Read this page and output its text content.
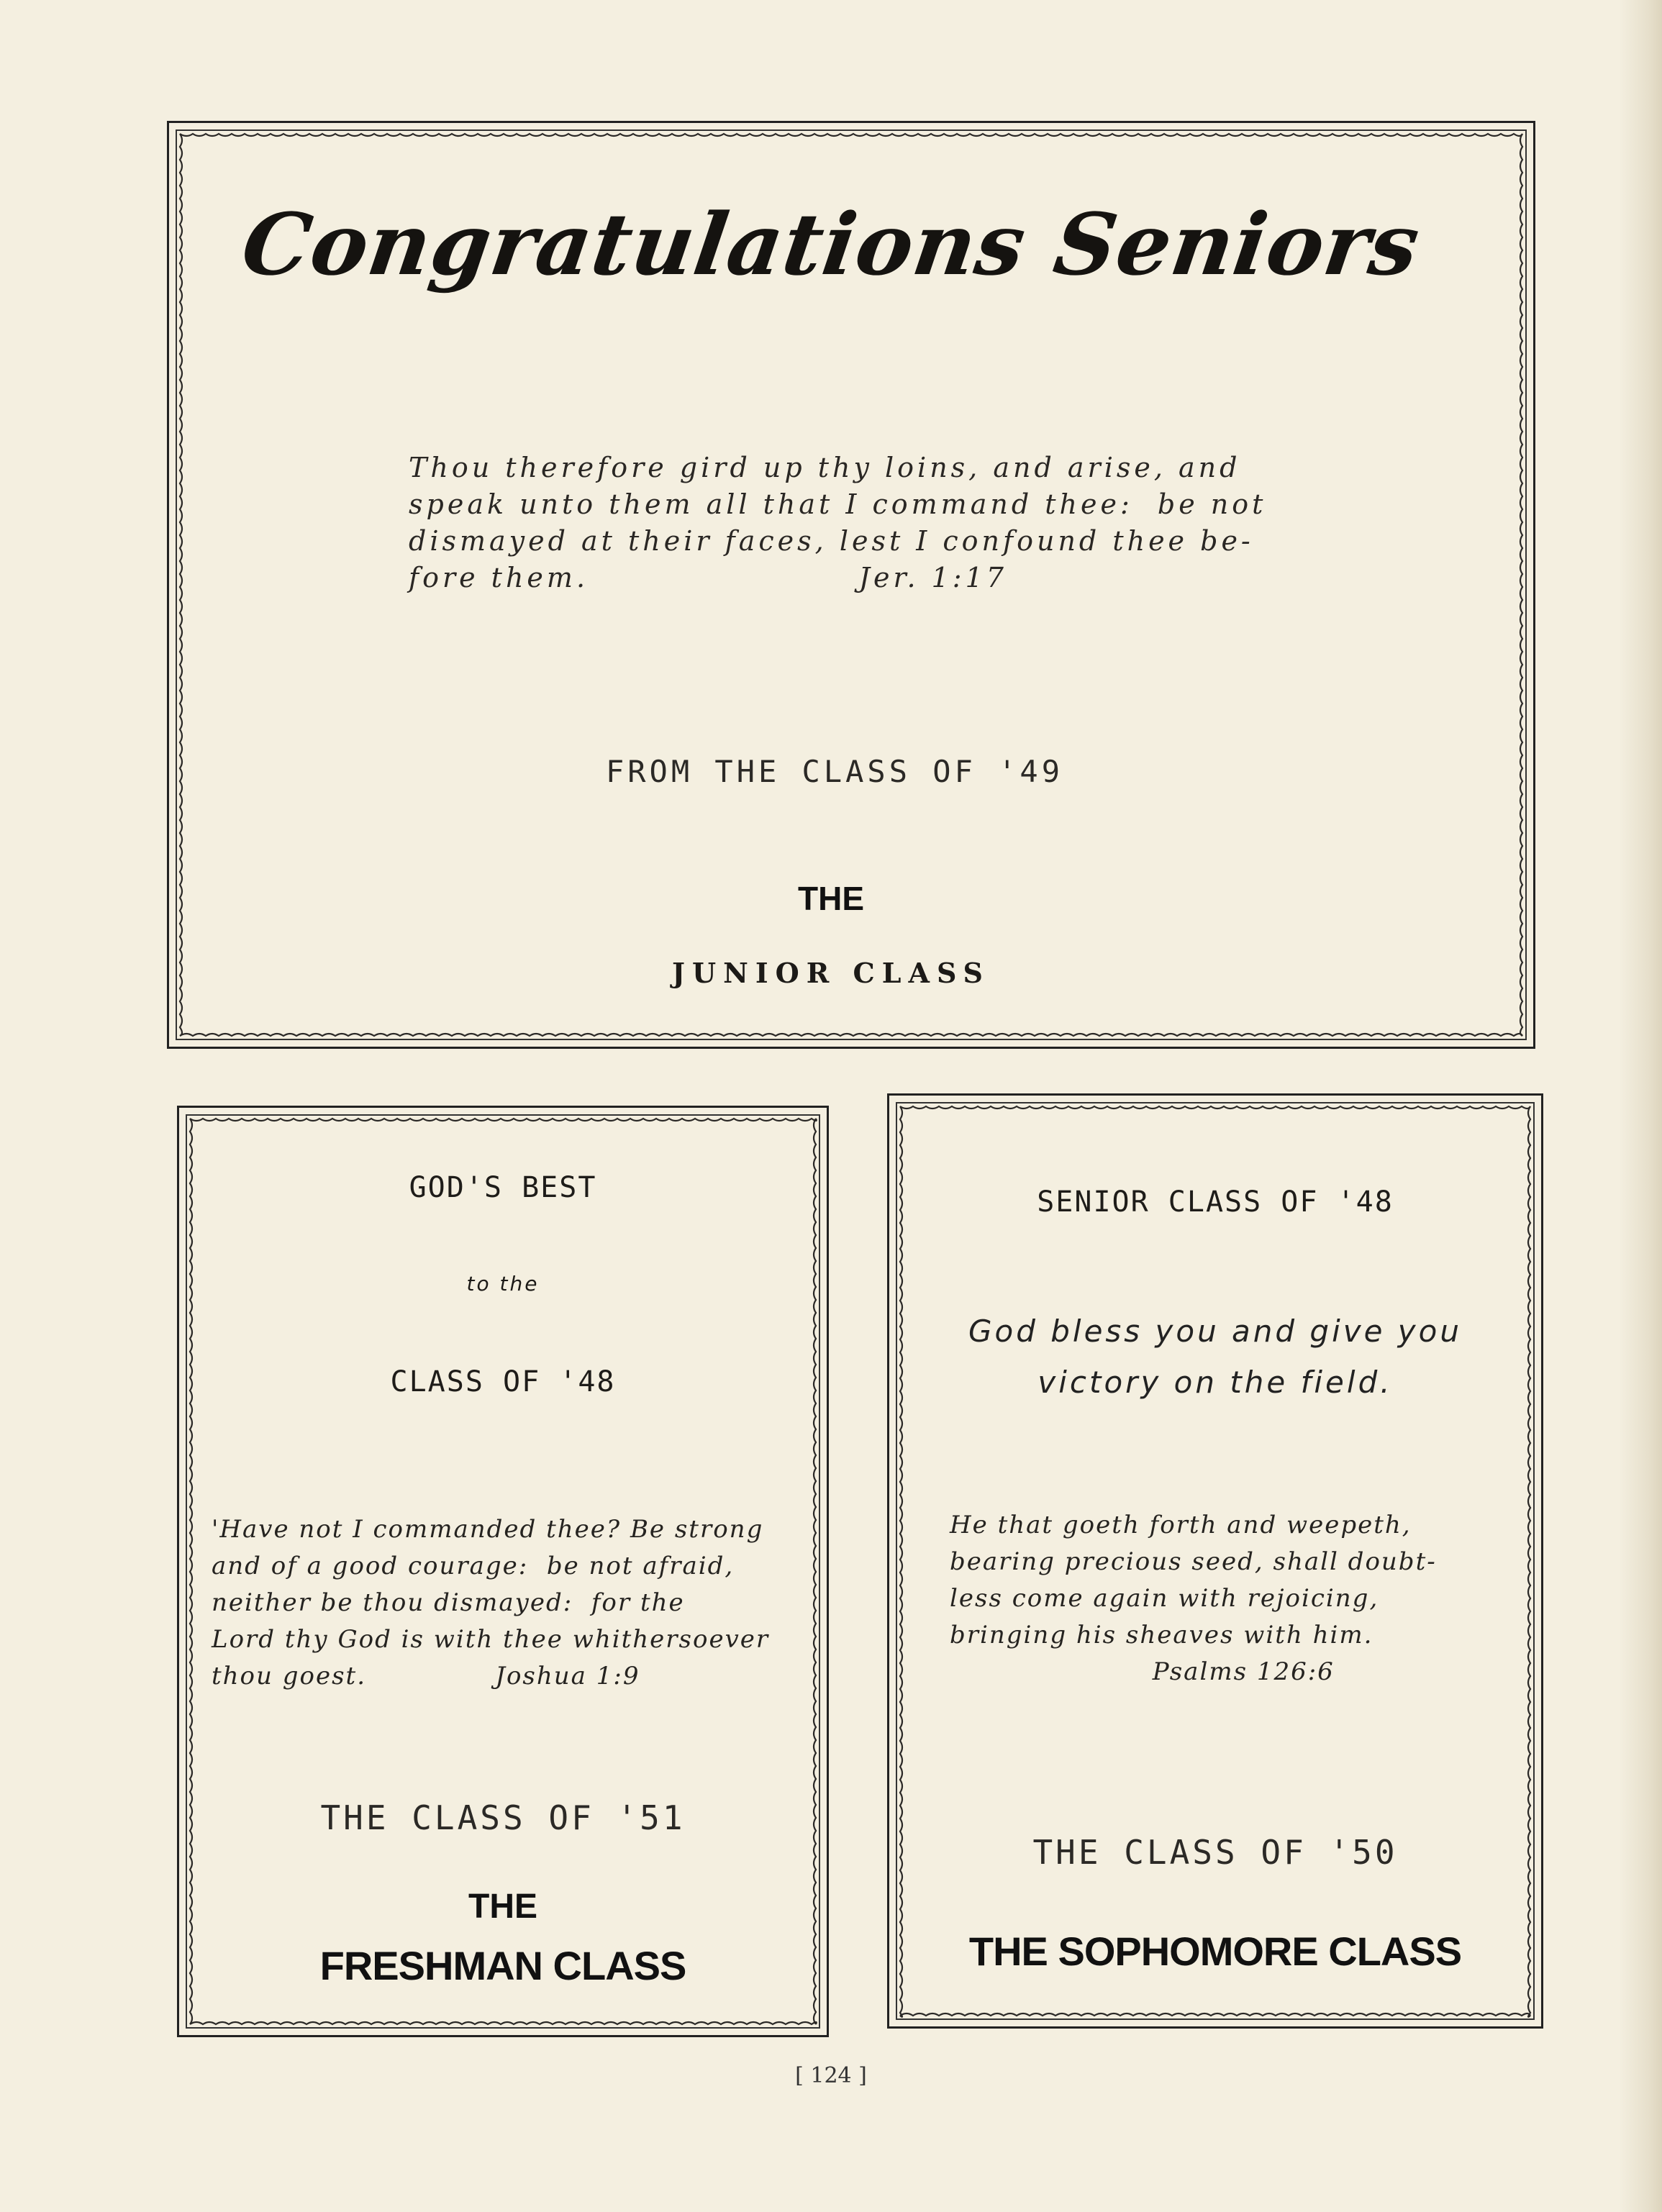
Congratulations Seniors
Thou therefore gird up thy loins, and arise, and
speak unto them all that I command thee:  be not
dismayed at their faces, lest I confound thee be-
fore them.                      Jer. 1:17
FROM THE CLASS OF '49
THE
JUNIOR CLASS
GOD'S BEST
to the
CLASS OF '48
'Have not I commanded thee? Be strong
and of a good courage:  be not afraid,
neither be thou dismayed:  for the
Lord thy God is with thee whithersoever
thou goest.              Joshua 1:9
THE CLASS OF '51
THE
FRESHMAN CLASS
SENIOR CLASS OF '48
God bless you and give you
victory on the field.
He that goeth forth and weepeth,
bearing precious seed, shall doubt-
less come again with rejoicing,
bringing his sheaves with him.
Psalms 126:6
THE CLASS OF '50
THE SOPHOMORE CLASS
[ 124 ]
